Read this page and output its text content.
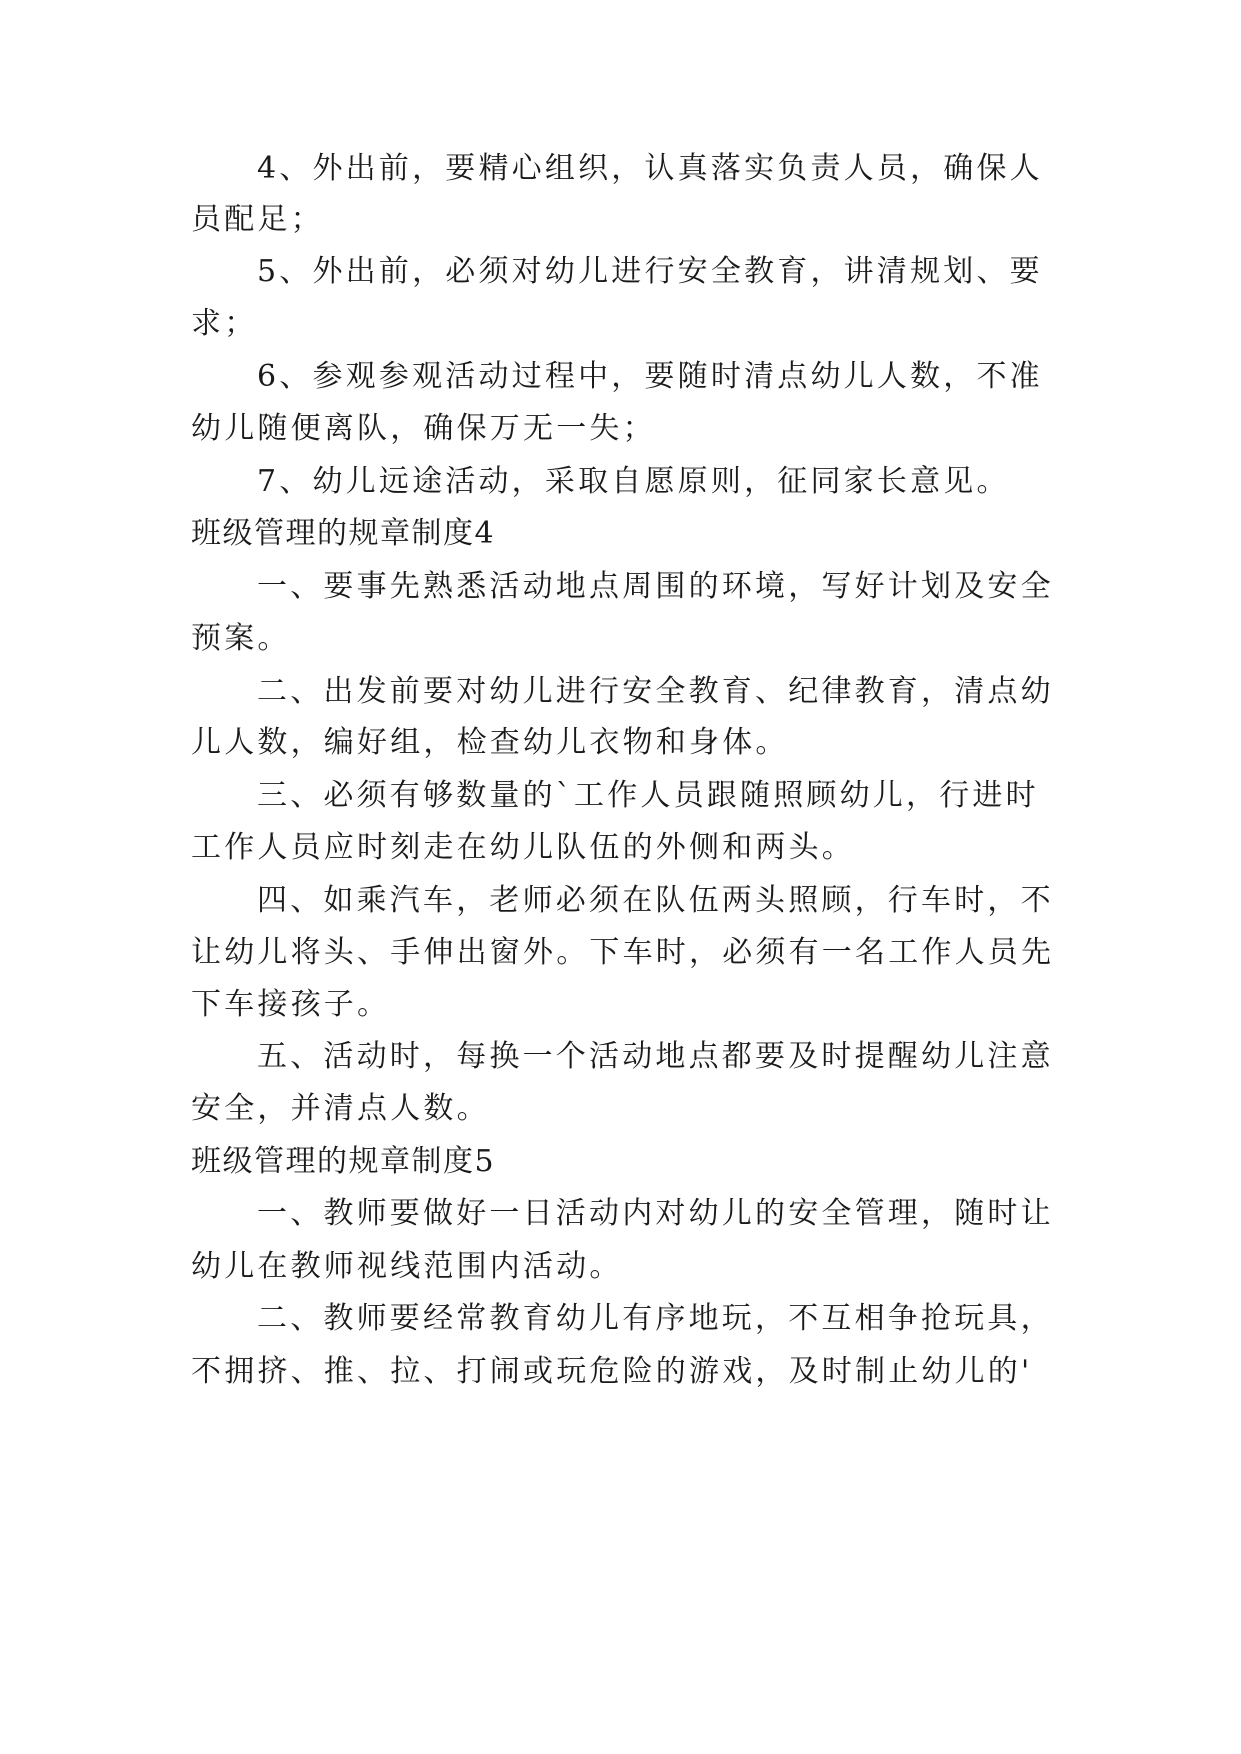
4、外出前，要精心组织，认真落实负责人员，确保人
员配足；
5、外出前，必须对幼儿进行安全教育，讲清规划、要
求；
6、参观参观活动过程中，要随时清点幼儿人数，不准
幼儿随便离队，确保万无一失；
7、幼儿远途活动，采取自愿原则，征同家长意见。
班级管理的规章制度4
一、要事先熟悉活动地点周围的环境，写好计划及安全
预案。
二、出发前要对幼儿进行安全教育、纪律教育，清点幼
儿人数，编好组，检查幼儿衣物和身体。
三、必须有够数量的`工作人员跟随照顾幼儿，行进时
工作人员应时刻走在幼儿队伍的外侧和两头。
四、如乘汽车，老师必须在队伍两头照顾，行车时，不
让幼儿将头、手伸出窗外。下车时，必须有一名工作人员先
下车接孩子。
五、活动时，每换一个活动地点都要及时提醒幼儿注意
安全，并清点人数。
班级管理的规章制度5
一、教师要做好一日活动内对幼儿的安全管理，随时让
幼儿在教师视线范围内活动。
二、教师要经常教育幼儿有序地玩，不互相争抢玩具，
不拥挤、推、拉、打闹或玩危险的游戏，及时制止幼儿的'
